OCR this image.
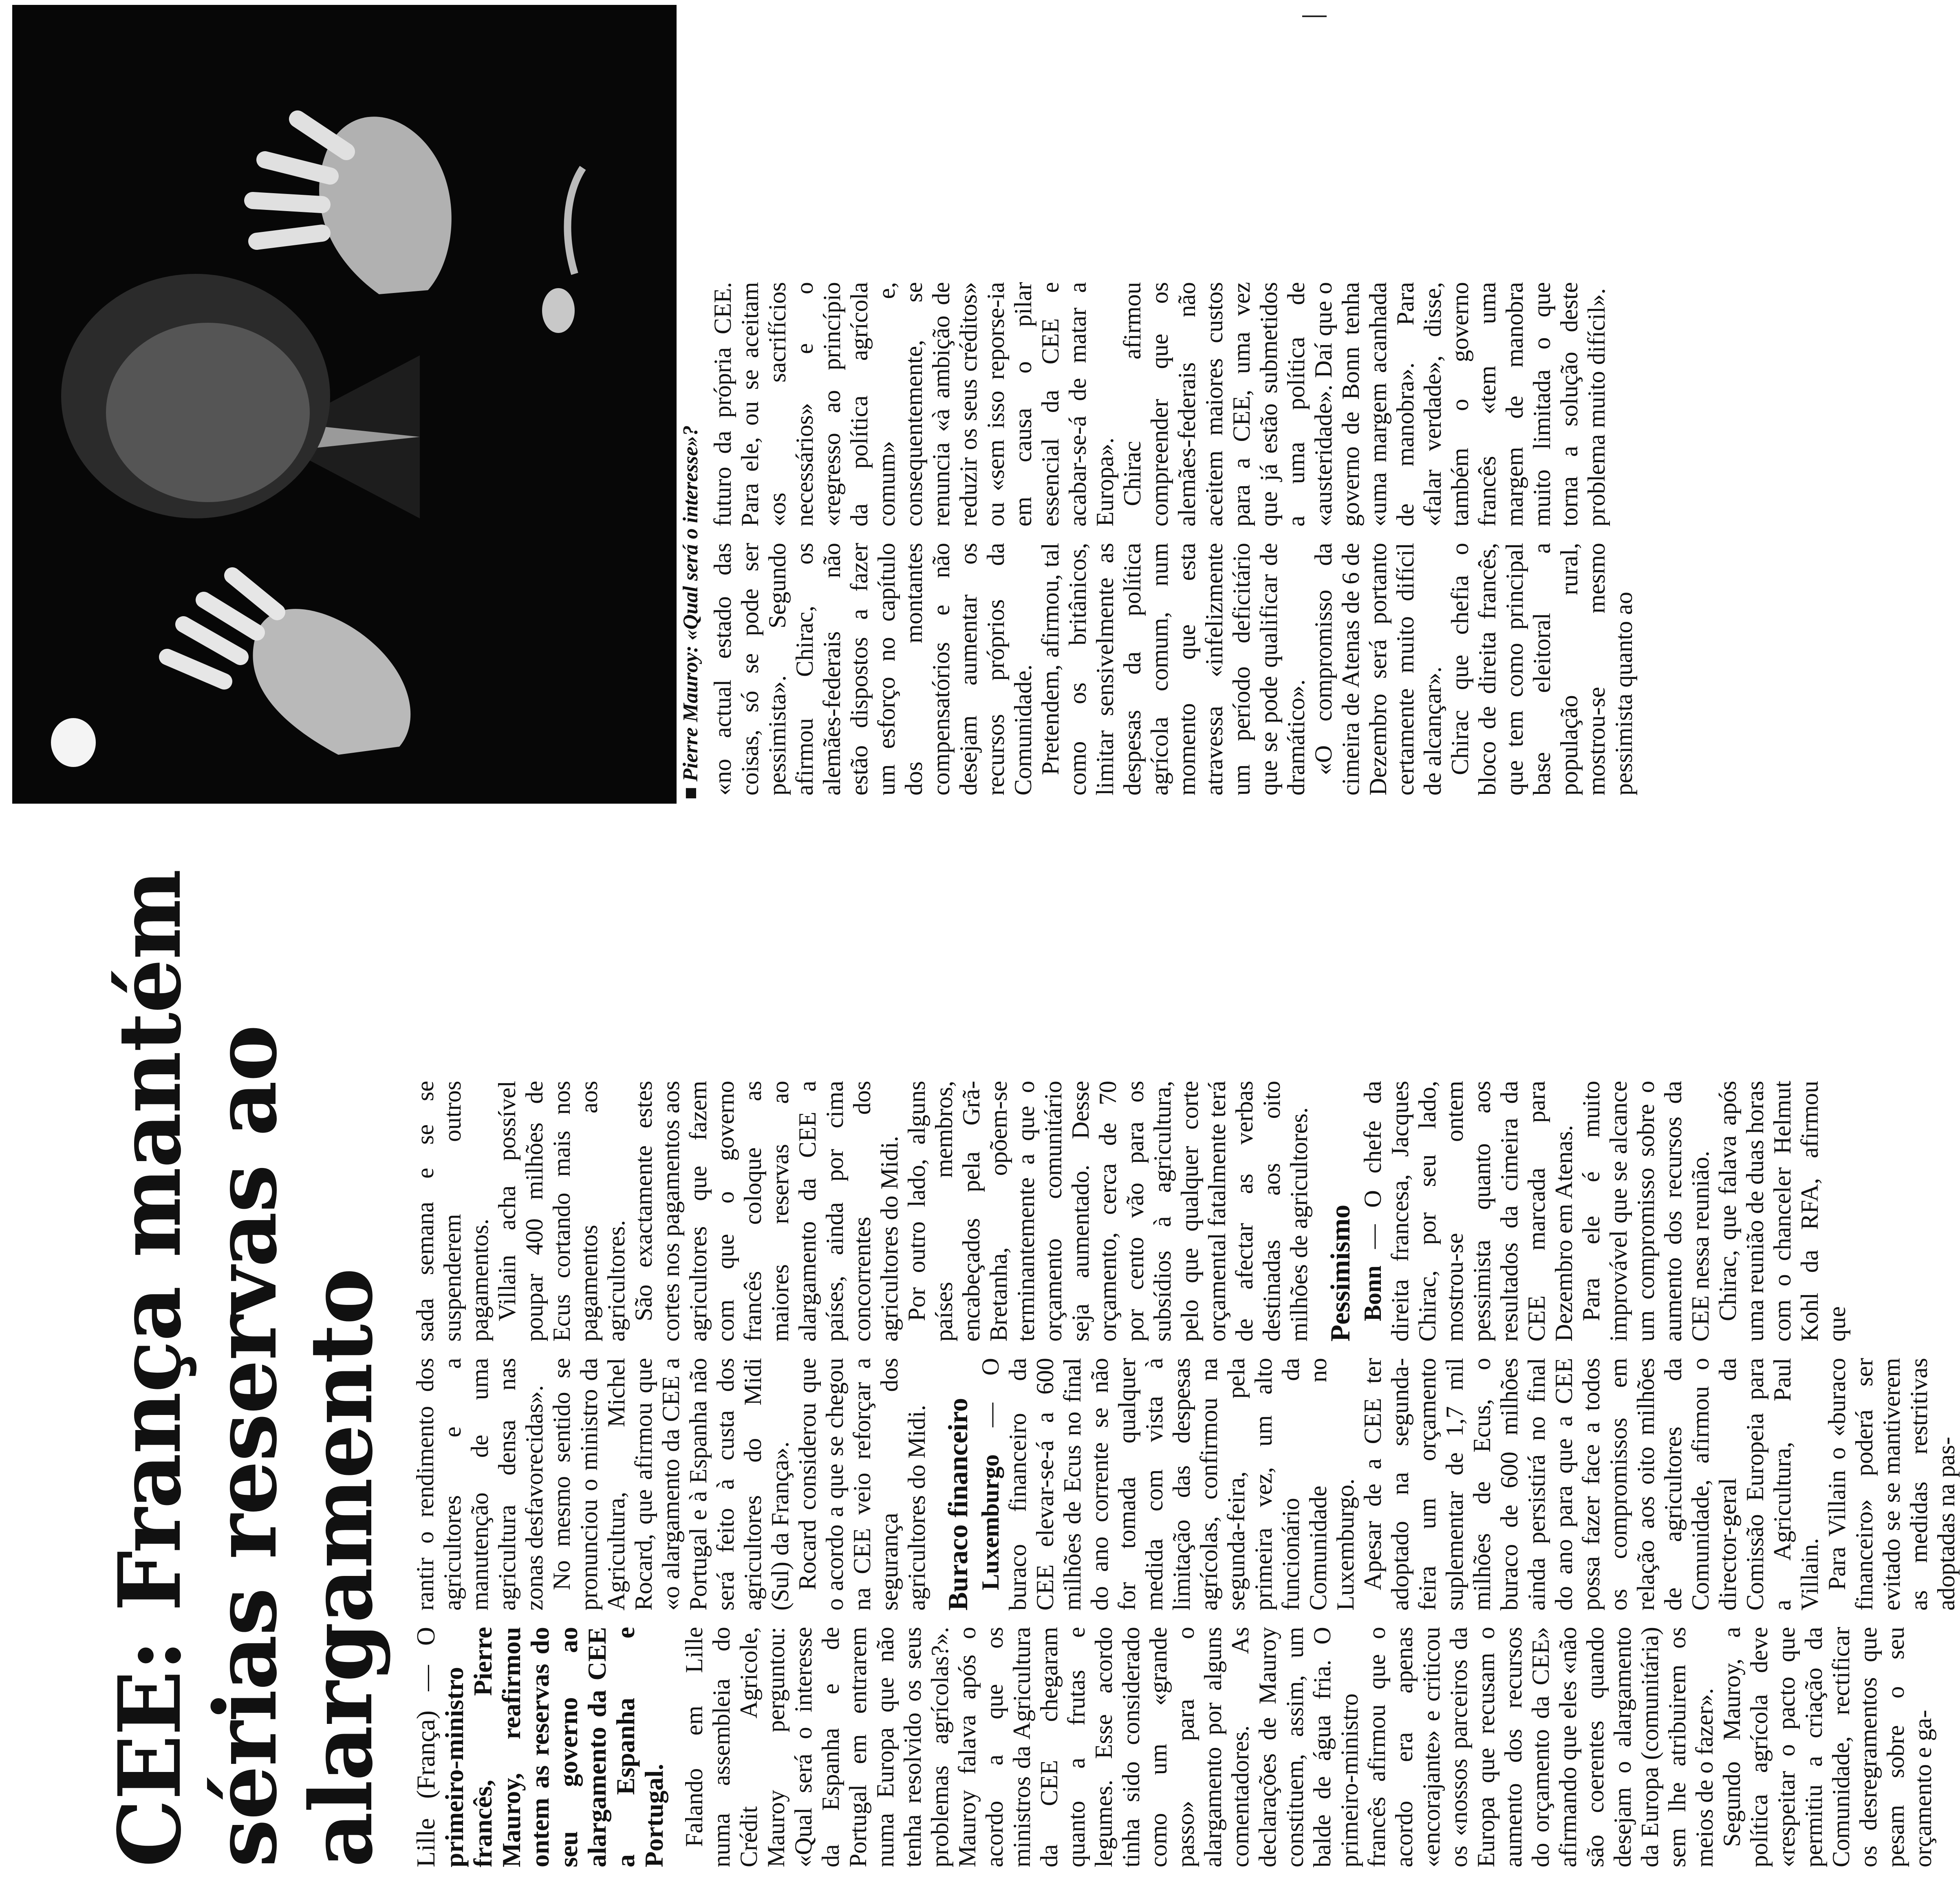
CEE: França mantém sérias reservas ao alargamento Lille (França) — O primeiro-ministro francês, Pierre Mauroy, reafirmou ontem as reservas do seu governo ao alargamento da CEE a Espanha e Portugal. Falando em Lille numa assembleia do Crédit Agricole, Mauroy perguntou: «Qual será o interesse da Espanha e de Portugal em entrarem numa Europa que não tenha resolvido os seus problemas agrícolas?». Mauroy falava após o acordo a que os ministros da Agricultura da CEE chegaram quanto a frutas e legumes. Esse acordo tinha sido considerado como um «grande passo» para o alargamento por alguns comentadores. As declarações de Mauroy constituem, assim, um balde de água fria. O primeiro-ministro francês afirmou que o acordo era apenas «encorajante» e criticou os «nossos parceiros da Europa que recusam o aumento dos recursos do orçamento da CEE» afirmando que eles «não são coerentes quando desejam o alargamento da Europa (comunitária) sem lhe atribuirem os meios de o fazer». Segundo Mauroy, a política agrícola deve «respeitar o pacto que permitiu a criação da Comunidade, rectificar os desregramentos que pesam sobre o seu orçamento e ga-

rantir o rendimento dos agricultores e a manutenção de uma agricultura densa nas zonas desfavorecidas». No mesmo sentido se pronunciou o ministro da Agricultura, Michel Rocard, que afirmou que «o alargamento da CEE a Portugal e à Espanha não será feito à custa dos agricultores do Midi (Sul) da França». Rocard considerou que o acordo a que se chegou na CEE veio reforçar a segurança dos agricultores do Midi. Buraco financeiro Luxemburgo — O buraco financeiro da CEE elevar-se-á a 600 milhões de Ecus no final do ano corrente se não for tomada qualquer medida com vista à limitação das despesas agrícolas, confirmou na segunda-feira, pela primeira vez, um alto funcionário da Comunidade no Luxemburgo. Apesar de a CEE ter adoptado na segunda-feira um orçamento suplementar de 1,7 mil milhões de Ecus, o buraco de 600 milhões ainda persistirá no final do ano para que a CEE possa fazer face a todos os compromissos em relação aos oito milhões de agricultores da Comunidade, afirmou o director-geral da Comissão Europeia para a Agricultura, Paul Villain. Para Villain o «buraco financeiro» poderá ser evitado se se mantiverem as medidas restritivas adoptadas na pas-

sada semana e se se suspenderem outros pagamentos. Villain acha possível poupar 400 milhões de Ecus cortando mais nos pagamentos aos agricultores. São exactamente estes cortes nos pagamentos aos agricultores que fazem com que o governo francês coloque as maiores reservas ao alargamento da CEE a países, ainda por cima concorrentes dos agricultores do Midi. Por outro lado, alguns países membros, encabeçados pela Grã-Bretanha, opõem-se terminantemente a que o orçamento comunitário seja aumentado. Desse orçamento, cerca de 70 por cento vão para os subsídios à agricultura, pelo que qualquer corte orçamental fatalmente terá de afectar as verbas destinadas aos oito milhões de agricultores. Pessimismo Bonn — O chefe da direita francesa, Jacques Chirac, por seu lado, mostrou-se ontem pessimista quanto aos resultados da cimeira da CEE marcada para Dezembro em Atenas. Para ele é muito improvável que se alcance um compromisso sobre o aumento dos recursos da CEE nessa reunião. Chirac, que falava após uma reunião de duas horas com o chanceler Helmut Kohl da RFA, afirmou que

■ Pierre Mauroy: «Qual será o interesse»? «no actual estado das coisas, só se pode ser pessimista». Segundo afirmou Chirac, os alemães-federais não estão dispostos a fazer um esforço no capítulo dos montantes compensatórios e não desejam aumentar os recursos próprios da Comunidade. Pretendem, afirmou, tal como os britânicos, limitar sensivelmente as despesas da política agrícola comum, num momento que esta atravessa «infelizmente um período deficitário que se pode qualificar de dramático». «O compromisso da cimeira de Atenas de 6 de Dezembro será portanto certamente muito difícil de alcançar». Chirac que chefia o bloco de direita francês, que tem como principal base eleitoral a população rural, mostrou-se mesmo pessimista quanto ao

futuro da própria CEE. Para ele, ou se aceitam «os sacrifícios necessários» e o «regresso ao princípio da política agrícola comum» e, consequentemente, se renuncia «à ambição de reduzir os seus créditos» ou «sem isso reporse-ia em causa o pilar essencial da CEE e acabar-se-á de matar a Europa». Chirac afirmou compreender que os alemães-federais não aceitem maiores custos para a CEE, uma vez que já estão submetidos a uma política de «austeridade». Daí que o governo de Bonn tenha «uma margem acanhada de manobra». Para «falar verdade», disse, também o governo francês «tem uma margem de manobra muito limitada o que torna a solução deste problema muito difícil».
